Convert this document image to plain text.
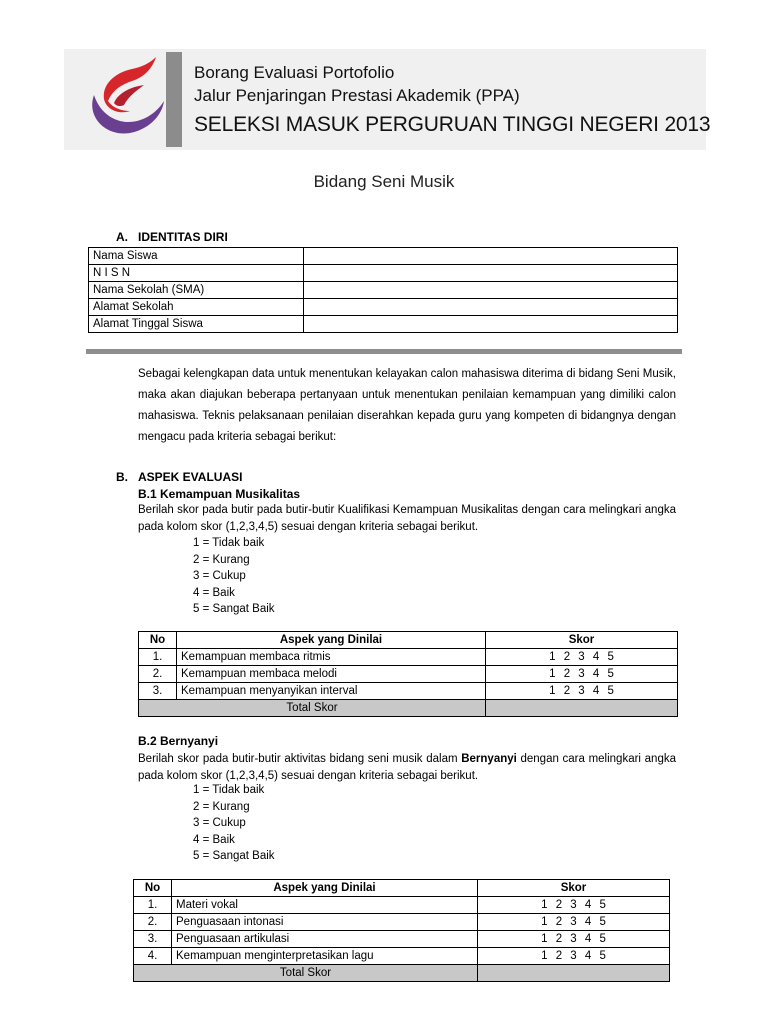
Borang Evaluasi Portofolio
Jalur Penjaringan Prestasi Akademik (PPA)
SELEKSI MASUK PERGURUAN TINGGI NEGERI 2013
Bidang Seni Musik
A. IDENTITAS DIRI
Nama Siswa	
N I S N	
Nama Sekolah (SMA)	
Alamat Sekolah	
Alamat Tinggal Siswa	
Sebagai kelengkapan data untuk menentukan kelayakan calon mahasiswa diterima di bidang Seni Musik, maka akan diajukan beberapa pertanyaan untuk menentukan penilaian kemampuan yang dimiliki calon mahasiswa. Teknis pelaksanaan penilaian diserahkan kepada guru yang kompeten di bidangnya dengan mengacu pada kriteria sebagai berikut:
B. ASPEK EVALUASI
B.1 Kemampuan Musikalitas
Berilah skor pada butir pada butir-butir Kualifikasi Kemampuan Musikalitas dengan cara melingkari angka pada kolom skor (1,2,3,4,5) sesuai dengan kriteria sebagai berikut.
1 = Tidak baik
2 = Kurang
3 = Cukup
4 = Baik
5 = Sangat Baik
No	Aspek yang Dinilai	Skor
1.	Kemampuan membaca ritmis	1 2 3 4 5
2.	Kemampuan membaca melodi	1 2 3 4 5
3.	Kemampuan menyanyikan interval	1 2 3 4 5
Total Skor		
B.2 Bernyanyi
Berilah skor pada butir-butir aktivitas bidang seni musik dalam Bernyanyi dengan cara melingkari angka pada kolom skor (1,2,3,4,5) sesuai dengan kriteria sebagai berikut.
1 = Tidak baik
2 = Kurang
3 = Cukup
4 = Baik
5 = Sangat Baik
No	Aspek yang Dinilai	Skor
1.	Materi vokal	1 2 3 4 5
2.	Penguasaan intonasi	1 2 3 4 5
3.	Penguasaan artikulasi	1 2 3 4 5
4.	Kemampuan menginterpretasikan lagu	1 2 3 4 5
Total Skor		
